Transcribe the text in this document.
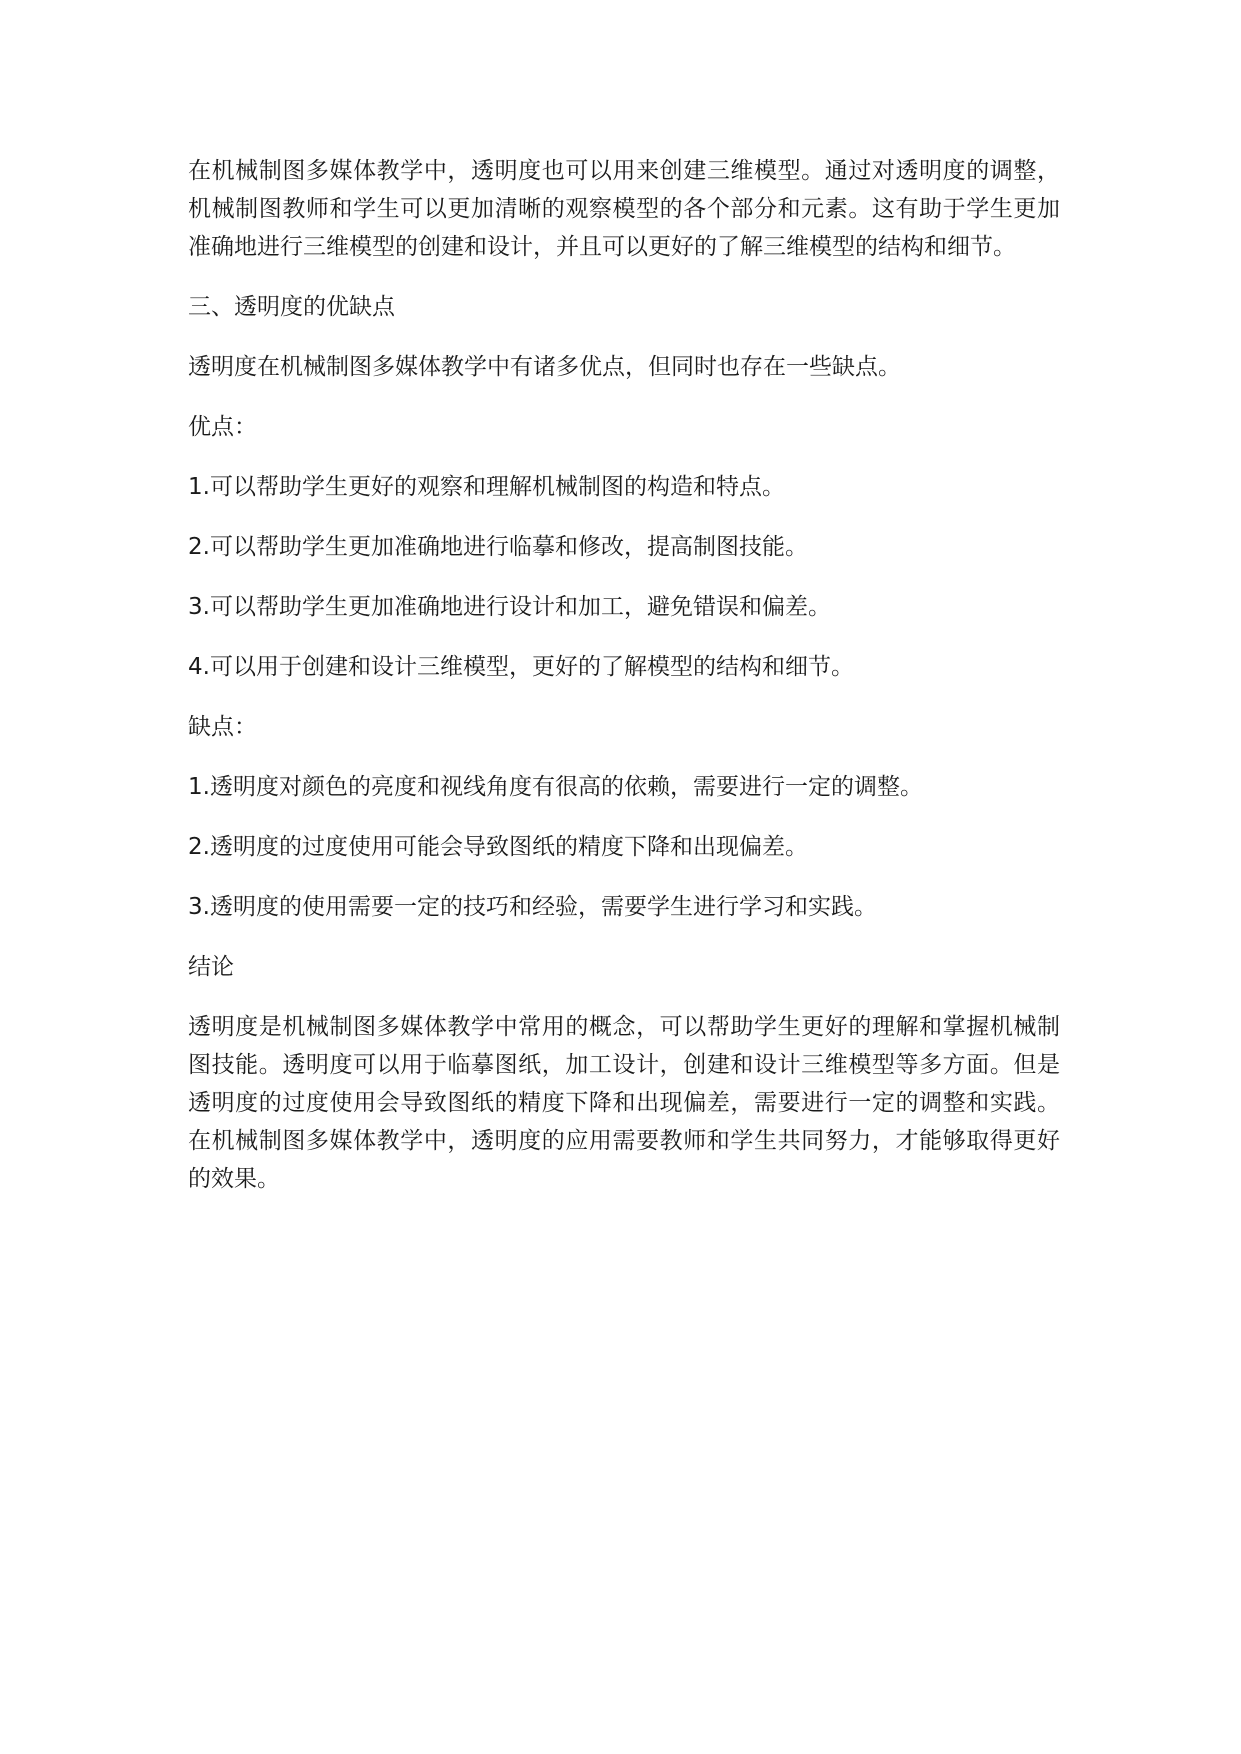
在机械制图多媒体教学中，透明度也可以用来创建三维模型。通过对透明度的调整，机械制图教师和学生可以更加清晰的观察模型的各个部分和元素。这有助于学生更加准确地进行三维模型的创建和设计，并且可以更好的了解三维模型的结构和细节。

三、透明度的优缺点

透明度在机械制图多媒体教学中有诸多优点，但同时也存在一些缺点。

优点：

1.可以帮助学生更好的观察和理解机械制图的构造和特点。

2.可以帮助学生更加准确地进行临摹和修改，提高制图技能。

3.可以帮助学生更加准确地进行设计和加工，避免错误和偏差。

4.可以用于创建和设计三维模型，更好的了解模型的结构和细节。

缺点：

1.透明度对颜色的亮度和视线角度有很高的依赖，需要进行一定的调整。

2.透明度的过度使用可能会导致图纸的精度下降和出现偏差。

3.透明度的使用需要一定的技巧和经验，需要学生进行学习和实践。

结论

透明度是机械制图多媒体教学中常用的概念，可以帮助学生更好的理解和掌握机械制图技能。透明度可以用于临摹图纸，加工设计，创建和设计三维模型等多方面。但是透明度的过度使用会导致图纸的精度下降和出现偏差，需要进行一定的调整和实践。在机械制图多媒体教学中，透明度的应用需要教师和学生共同努力，才能够取得更好的效果。
